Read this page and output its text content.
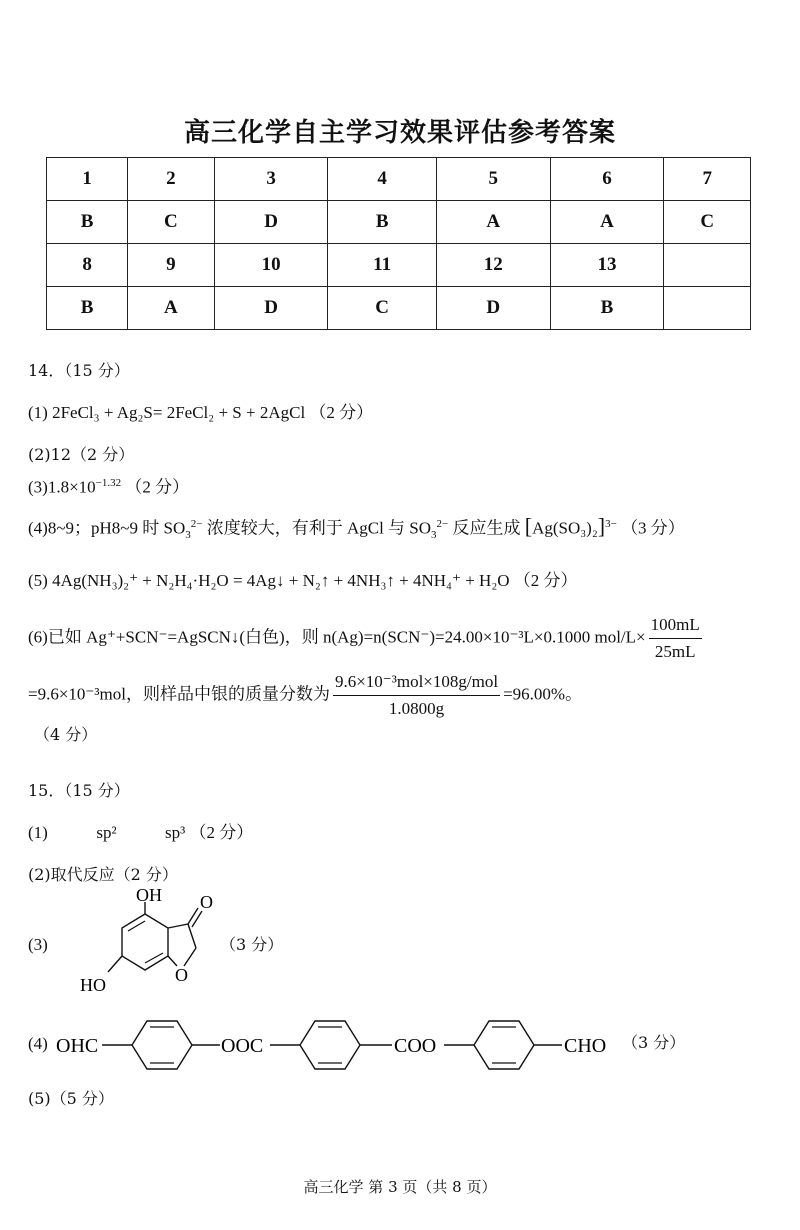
高三化学自主学习效果评估参考答案
1	2	3	4	5	6	7
B	C	D	B	A	A	C
8	9	10	11	12	13	
B	A	D	C	D	B	
14．（15 分）
(1) 2FeCl₃ + Ag₂S= 2FeCl₂ + S + 2AgCl （2 分）
(2)12（2 分）
$(3)1.8\times 10^{-1.32}$ （2 分）
(4)8~9；pH8~9 时 $SO_3^{2-}$ 浓度较大，有利于 AgCl 与 $SO_3^{2-}$ 反应生成 $[Ag(SO_3)_2]^{3-}$ （3 分）
(5) 4Ag(NH₃)₂⁺ + N₂H₄·H₂O = 4Ag↓ + N₂↑ + 4NH₃↑ + 4NH₄⁺ + H₂O （2 分）
(6)已如 Ag⁺+SCN⁻=AgSCN↓(白色)，则 n(Ag)=n(SCN⁻)=24.00×10⁻³L×0.1000 $mol/L\times \frac{100mL}{25mL}$
=9.6×10⁻³mol，则样品中银的质量分数为 $\frac{\text{9.6×10⁻³mol×108g/mol}}{1.0800g} =96.00\%$。
（4 分）
15．（15 分）
(1)	sp²	sp³ （2 分）
(2)取代反应（2 分）
(3)
OH O
O
HO
（3 分）
(4) OHC	OOC	COO	CHO （3 分）
(5)（5 分）
高三化学 第 3 页（共 8 页）
